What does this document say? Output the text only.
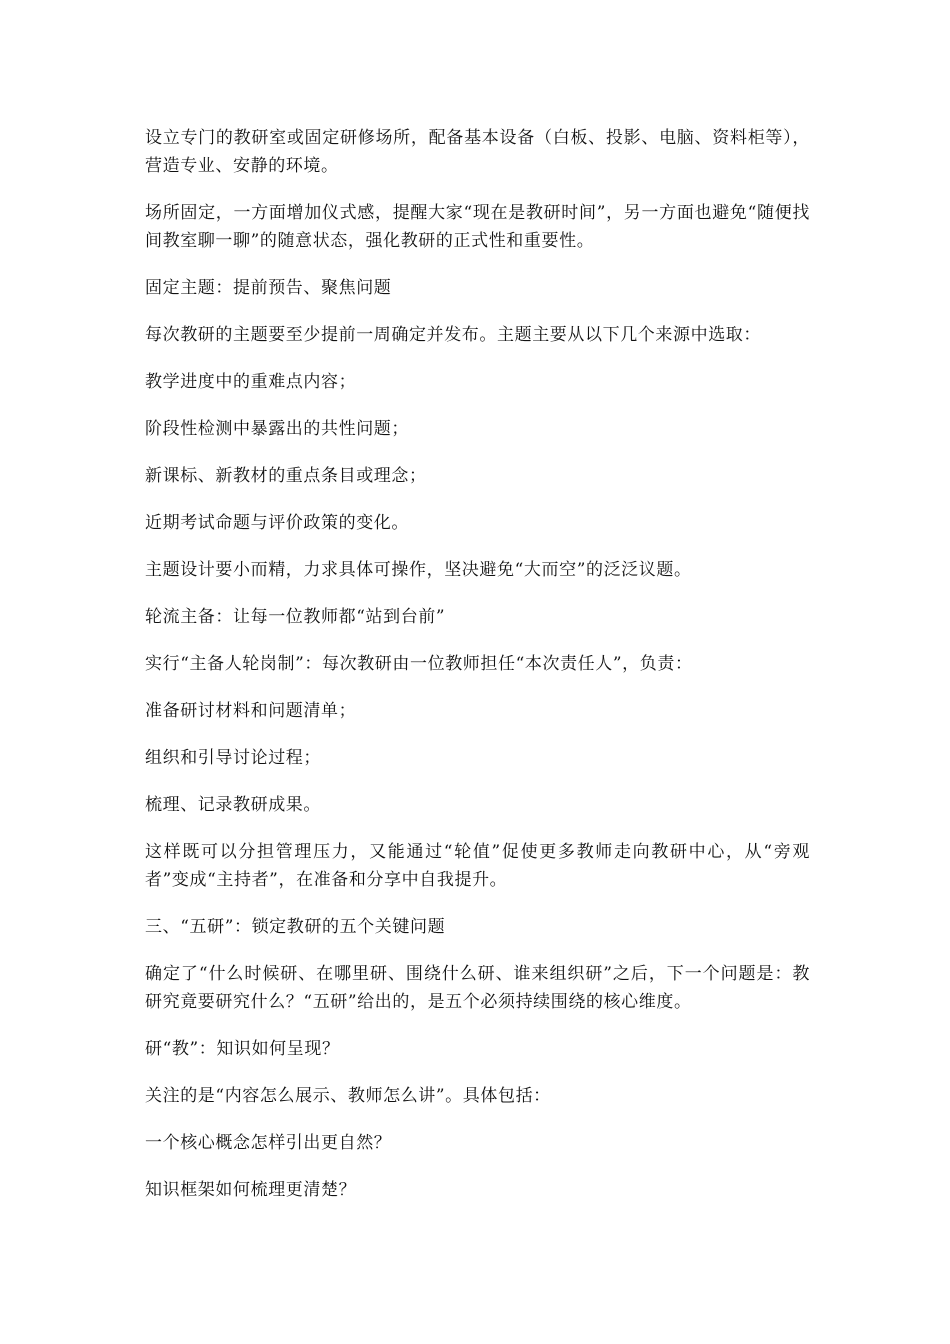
设立专门的教研室或固定研修场所，配备基本设备（白板、投影、电脑、资料柜等），营造专业、安静的环境。

场所固定，一方面增加仪式感，提醒大家“现在是教研时间”，另一方面也避免“随便找间教室聊一聊”的随意状态，强化教研的正式性和重要性。

固定主题：提前预告、聚焦问题

每次教研的主题要至少提前一周确定并发布。主题主要从以下几个来源中选取：

教学进度中的重难点内容；

阶段性检测中暴露出的共性问题；

新课标、新教材的重点条目或理念；

近期考试命题与评价政策的变化。

主题设计要小而精，力求具体可操作，坚决避免“大而空”的泛泛议题。

轮流主备：让每一位教师都“站到台前”

实行“主备人轮岗制”：每次教研由一位教师担任“本次责任人”，负责：

准备研讨材料和问题清单；

组织和引导讨论过程；

梳理、记录教研成果。

这样既可以分担管理压力，又能通过“轮值”促使更多教师走向教研中心，从“旁观者”变成“主持者”，在准备和分享中自我提升。

三、“五研”：锁定教研的五个关键问题

确定了“什么时候研、在哪里研、围绕什么研、谁来组织研”之后，下一个问题是：教研究竟要研究什么？“五研”给出的，是五个必须持续围绕的核心维度。

研“教”：知识如何呈现？

关注的是“内容怎么展示、教师怎么讲”。具体包括：

一个核心概念怎样引出更自然？

知识框架如何梳理更清楚？
